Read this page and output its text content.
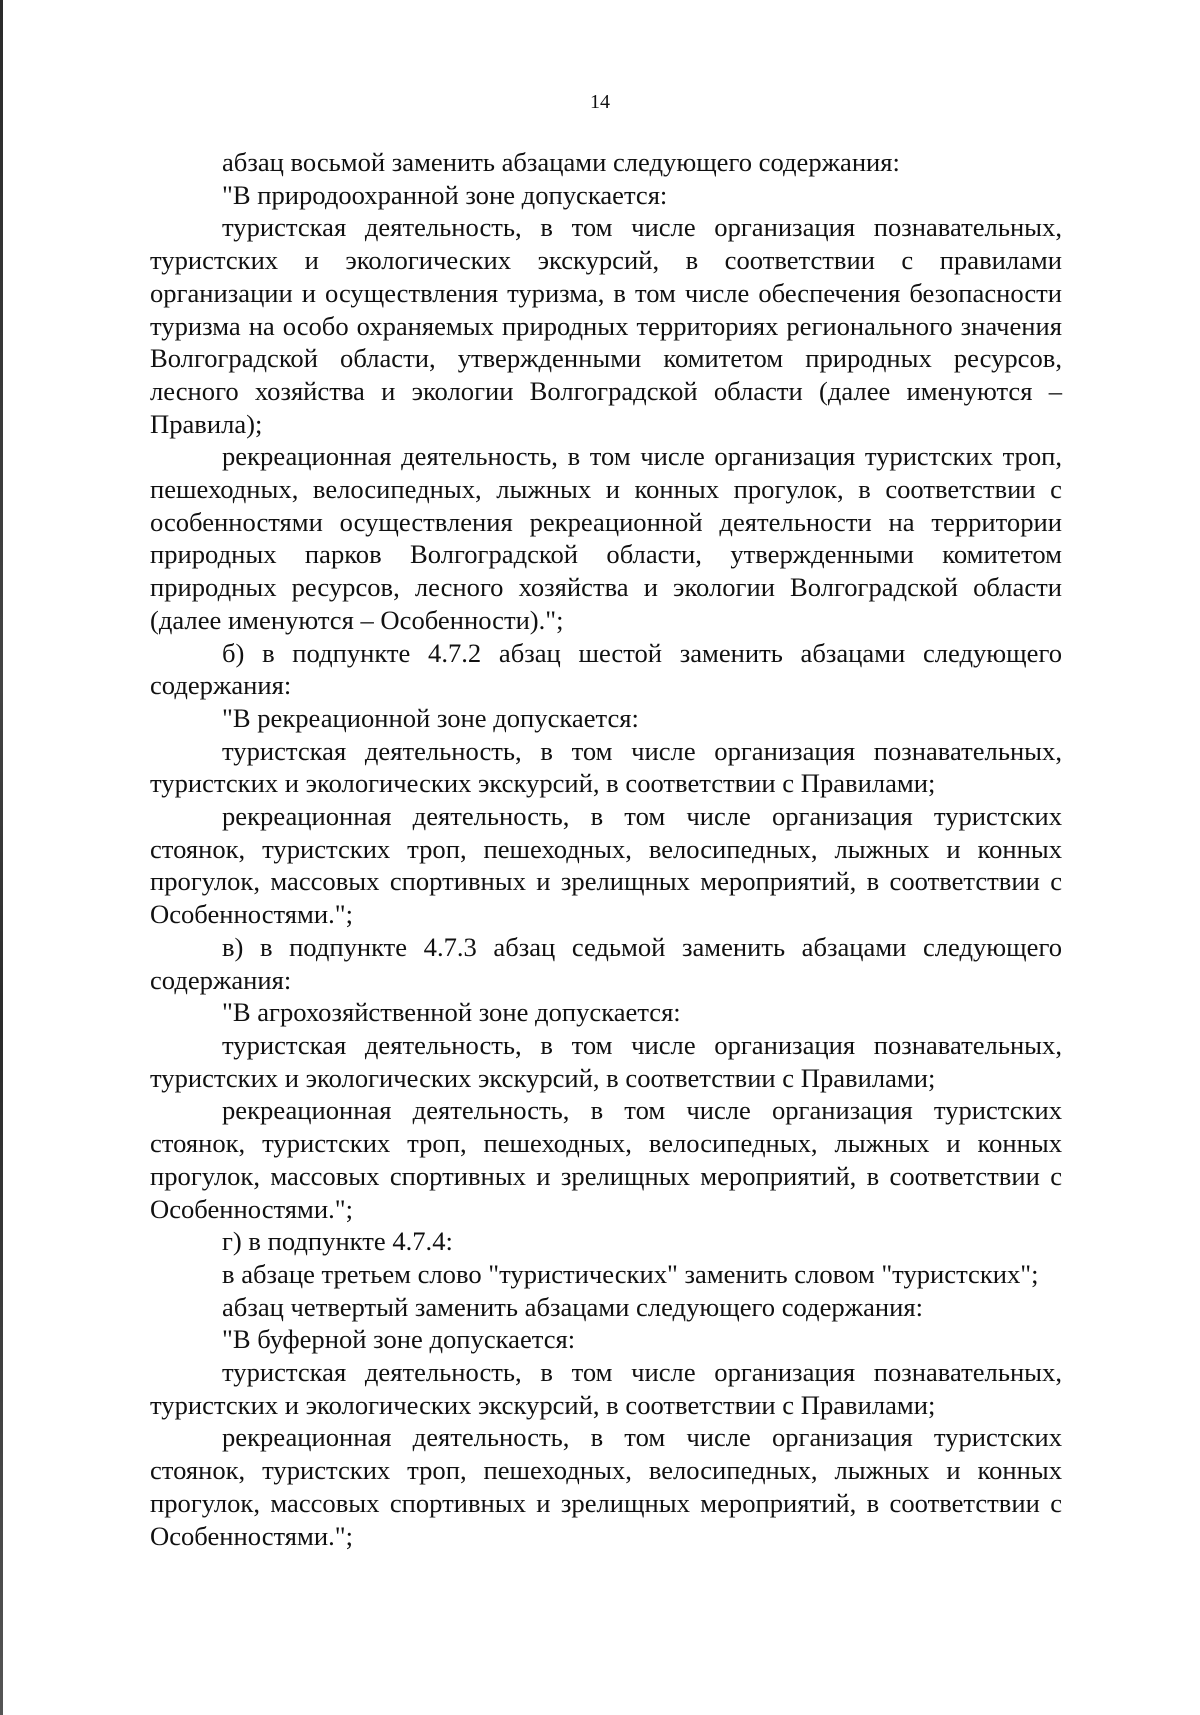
14

абзац восьмой заменить абзацами следующего содержания:

"В природоохранной зоне допускается:

туристская деятельность, в том числе организация познавательных, туристских и экологических экскурсий, в соответствии с правилами организации и осуществления туризма, в том числе обеспечения безопасности туризма на особо охраняемых природных территориях регионального значения Волгоградской области, утвержденными комитетом природных ресурсов, лесного хозяйства и экологии Волгоградской области (далее именуются – Правила);

рекреационная деятельность, в том числе организация туристских троп, пешеходных, велосипедных, лыжных и конных прогулок, в соответствии с особенностями осуществления рекреационной деятельности на территории природных парков Волгоградской области, утвержденными комитетом природных ресурсов, лесного хозяйства и экологии Волгоградской области (далее именуются – Особенности).";

б) в подпункте 4.7.2 абзац шестой заменить абзацами следующего содержания:

"В рекреационной зоне допускается:

туристская деятельность, в том числе организация познавательных, туристских и экологических экскурсий, в соответствии с Правилами;

рекреационная деятельность, в том числе организация туристских стоянок, туристских троп, пешеходных, велосипедных, лыжных и конных прогулок, массовых спортивных и зрелищных мероприятий, в соответствии с Особенностями.";

в) в подпункте 4.7.3 абзац седьмой заменить абзацами следующего содержания:

"В агрохозяйственной зоне допускается:

туристская деятельность, в том числе организация познавательных, туристских и экологических экскурсий, в соответствии с Правилами;

рекреационная деятельность, в том числе организация туристских стоянок, туристских троп, пешеходных, велосипедных, лыжных и конных прогулок, массовых спортивных и зрелищных мероприятий, в соответствии с Особенностями.";

г) в подпункте 4.7.4:

в абзаце третьем слово "туристических" заменить словом "туристских";

абзац четвертый заменить абзацами следующего содержания:

"В буферной зоне допускается:

туристская деятельность, в том числе организация познавательных, туристских и экологических экскурсий, в соответствии с Правилами;

рекреационная деятельность, в том числе организация туристских стоянок, туристских троп, пешеходных, велосипедных, лыжных и конных прогулок, массовых спортивных и зрелищных мероприятий, в соответствии с Особенностями.";
